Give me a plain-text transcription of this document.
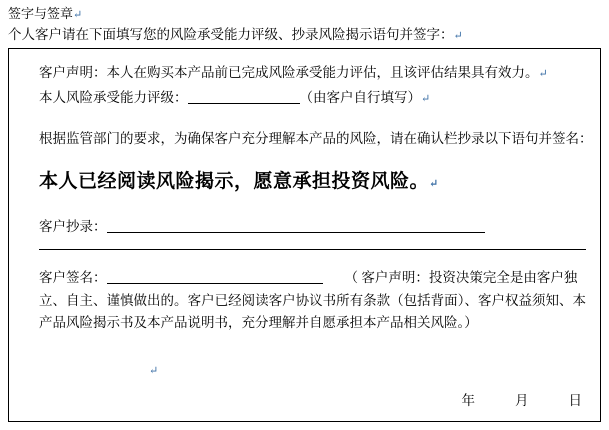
签字与签章↵
个人客户请在下面填写您的风险承受能力评级、抄录风险揭示语句并签字：↵
客户声明：本人在购买本产品前已完成风险承受能力评估，且该评估结果具有效力。↵
本人风险承受能力评级：	（由客户自行填写）↵
根据监管部门的要求，为确保客户充分理解本产品的风险，请在确认栏抄录以下语句并签名：
本人已经阅读风险揭示，愿意承担投资风险。↵
客户抄录：
客户签名：	（ 客户声明：投资决策完全是由客户独
立、自主、谨慎做出的。客户已经阅读客户协议书所有条款（包括背面）、客户权益须知、本产品风险揭示书及本产品说明书，充分理解并自愿承担本产品相关风险。）
↵
年	月	日
